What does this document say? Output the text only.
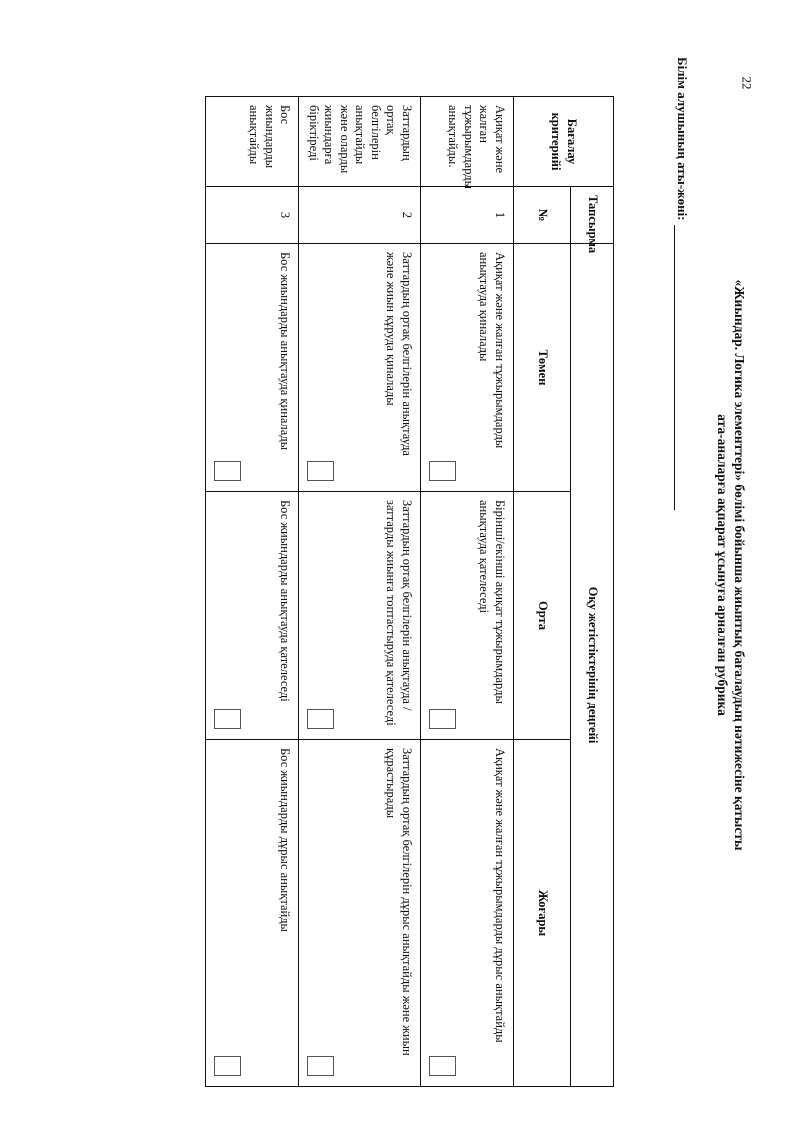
22
«Жиындар. Логика элементтері» бөлімі бойынша жиынтық бағалаудың нәтижесіне қатысты
ата-аналарға ақпарат ұсынуға арналған рубрика
Білім алушының аты-жөні:
Бағалау критерийі	Тапсырма	Оқу жетістіктерінің деңгейі		
	№	Төмен	Орта	Жоғары
Ақиқат және жалған тұжырымдарды анықтайды.	1	Ақиқат және жалған тұжырымдарды анықтауда қиналады	Бірінші/екінші ақиқат тұжырымдарды анықтауда қателеседі	Ақиқат және жалған тұжырымдарды дұрыс анықтайды

Заттардың ортақ белгілерін анықтайды және оларды жиындарға біріктіреді	2	Заттардың ортақ белгілерін анықтауда және жиын құруда қиналады	Заттардың ортақ белгілерін анықтауда / заттарды жиынға топтастыруда қателеседі	Заттардың ортақ белгілерін дұрыс анықтайды және жиын құрастырады

Бос жиындарды анықтайды	3	Бос жиындарды анықтауда қиналады	Бос жиындарды анықтауда қателеседі	Бос жиындарды дұрыс анықтайды
